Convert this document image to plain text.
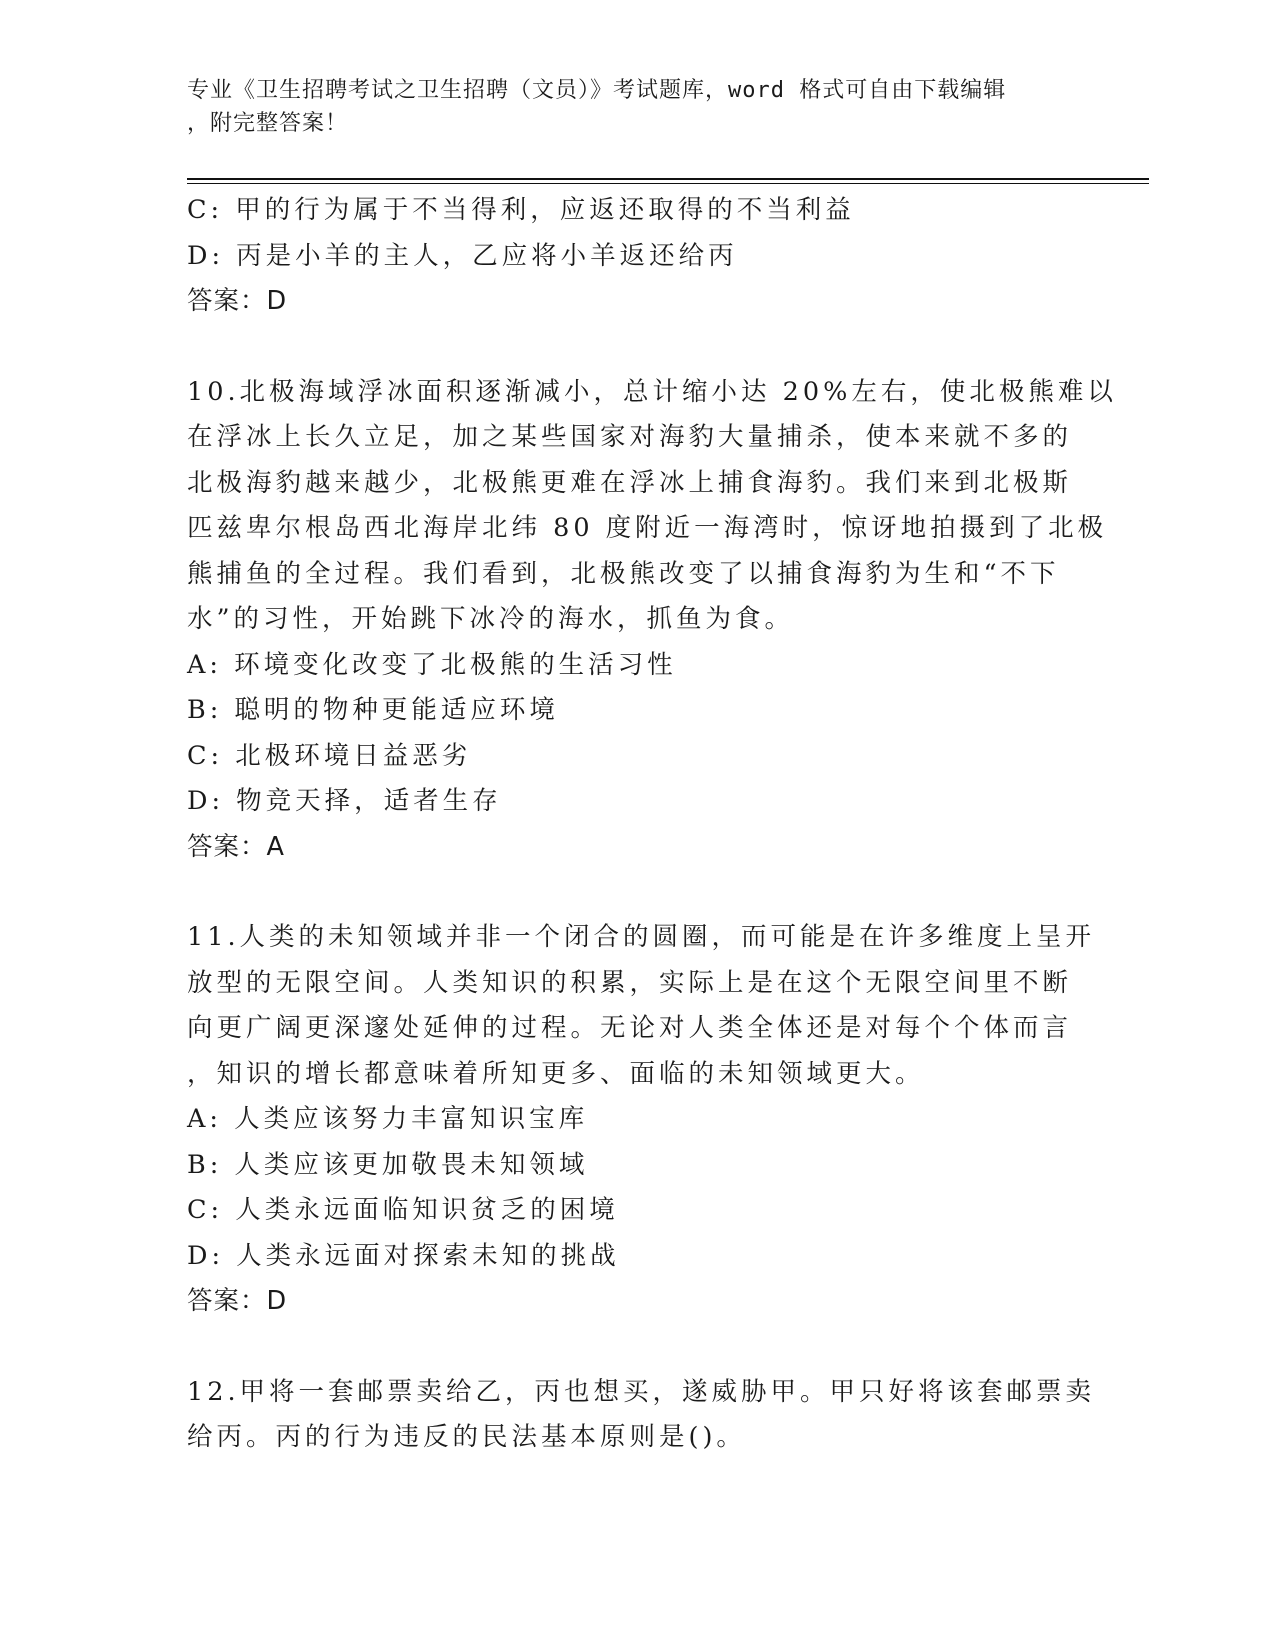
专业《卫生招聘考试之卫生招聘（文员）》考试题库，word 格式可自由下载编辑
，附完整答案！
C: 甲的行为属于不当得利，应返还取得的不当利益
D: 丙是小羊的主人，乙应将小羊返还给丙
答案：D
10.北极海域浮冰面积逐渐减小，总计缩小达 20%左右，使北极熊难以
在浮冰上长久立足，加之某些国家对海豹大量捕杀，使本来就不多的
北极海豹越来越少，北极熊更难在浮冰上捕食海豹。我们来到北极斯
匹兹卑尔根岛西北海岸北纬 80 度附近一海湾时，惊讶地拍摄到了北极
熊捕鱼的全过程。我们看到，北极熊改变了以捕食海豹为生和“不下
水”的习性，开始跳下冰冷的海水，抓鱼为食。
A: 环境变化改变了北极熊的生活习性
B: 聪明的物种更能适应环境
C: 北极环境日益恶劣
D: 物竞天择，适者生存
答案：A
11.人类的未知领域并非一个闭合的圆圈，而可能是在许多维度上呈开
放型的无限空间。人类知识的积累，实际上是在这个无限空间里不断
向更广阔更深邃处延伸的过程。无论对人类全体还是对每个个体而言
，知识的增长都意味着所知更多、面临的未知领域更大。
A: 人类应该努力丰富知识宝库
B: 人类应该更加敬畏未知领域
C: 人类永远面临知识贫乏的困境
D: 人类永远面对探索未知的挑战
答案：D
12.甲将一套邮票卖给乙，丙也想买，遂威胁甲。甲只好将该套邮票卖
给丙。丙的行为违反的民法基本原则是()。
